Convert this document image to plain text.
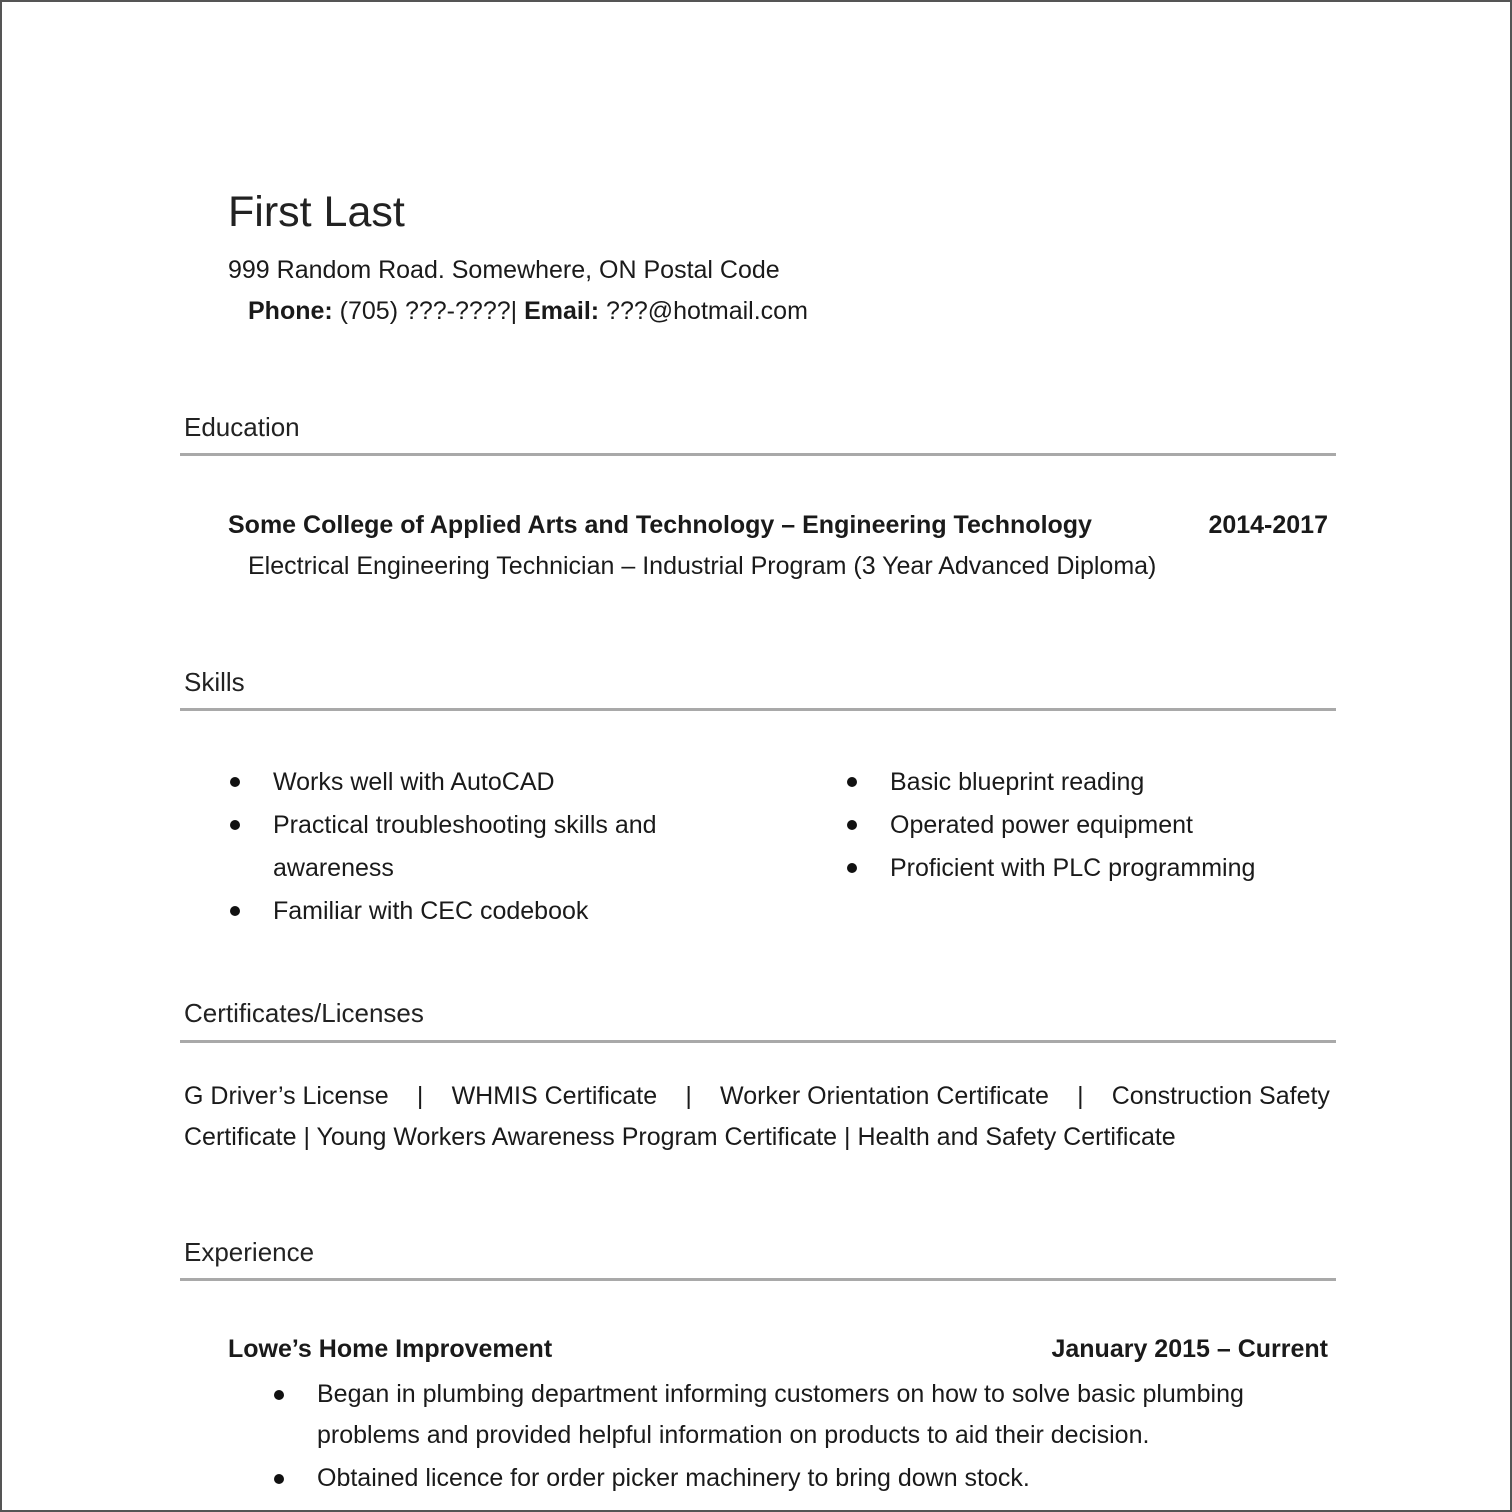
First Last
999 Random Road. Somewhere, ON Postal Code
Phone: (705) ???-????| Email: ???@hotmail.com
Education
Some College of Applied Arts and Technology – Engineering Technology	2014-2017
Electrical Engineering Technician – Industrial Program (3 Year Advanced Diploma)
Skills
Works well with AutoCAD
Practical troubleshooting skills and
awareness
Familiar with CEC codebook
Basic blueprint reading
Operated power equipment
Proficient with PLC programming
Certificates/Licenses
G Driver’s License | WHMIS Certificate | Worker Orientation Certificate | Construction Safety
Certificate | Young Workers Awareness Program Certificate | Health and Safety Certificate
Experience
Lowe’s Home Improvement	January 2015 – Current
Began in plumbing department informing customers on how to solve basic plumbing problems and provided helpful information on products to aid their decision.
Obtained licence for order picker machinery to bring down stock.
